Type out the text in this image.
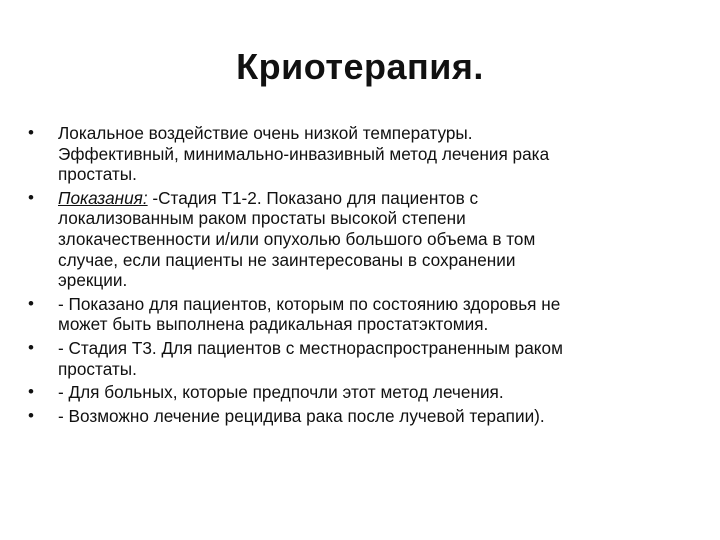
Криотерапия.
• Локальное воздействие очень низкой температуры.
Эффективный, минимально-инвазивный метод лечения рака
простаты.
• Показания: -Стадия Т1-2. Показано для пациентов с
локализованным раком простаты высокой степени
злокачественности и/или опухолью большого объема в том
случае, если пациенты не заинтересованы в сохранении
эрекции.
• - Показано для пациентов, которым по состоянию здоровья не
может быть выполнена радикальная простатэктомия.
• - Стадия Т3. Для пациентов с местнораспространенным раком
простаты.
• - Для больных, которые предпочли этот метод лечения.
• - Возможно лечение рецидива рака после лучевой терапии).
